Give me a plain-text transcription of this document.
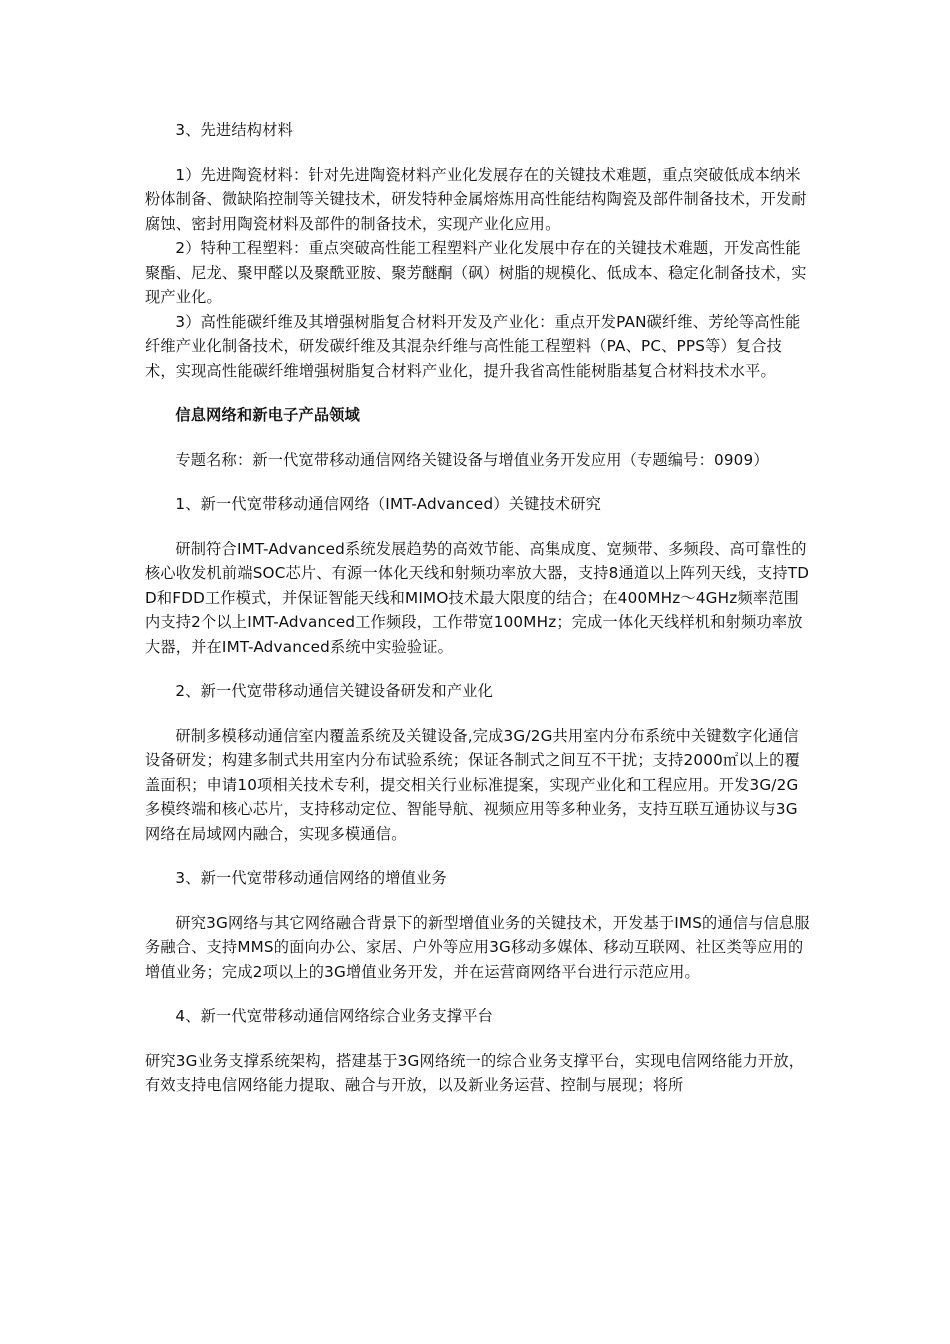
3、先进结构材料

1）先进陶瓷材料：针对先进陶瓷材料产业化发展存在的关键技术难题，重点突破低成本纳米粉体制备、微缺陷控制等关键技术，研发特种金属熔炼用高性能结构陶瓷及部件制备技术，开发耐腐蚀、密封用陶瓷材料及部件的制备技术，实现产业化应用。

2）特种工程塑料：重点突破高性能工程塑料产业化发展中存在的关键技术难题，开发高性能聚酯、尼龙、聚甲醛以及聚酰亚胺、聚芳醚酮（砜）树脂的规模化、低成本、稳定化制备技术，实现产业化。

3）高性能碳纤维及其增强树脂复合材料开发及产业化：重点开发PAN碳纤维、芳纶等高性能纤维产业化制备技术，研发碳纤维及其混杂纤维与高性能工程塑料（PA、PC、PPS等）复合技术，实现高性能碳纤维增强树脂复合材料产业化，提升我省高性能树脂基复合材料技术水平。

信息网络和新电子产品领域

专题名称：新一代宽带移动通信网络关键设备与增值业务开发应用（专题编号：0909）

1、新一代宽带移动通信网络（IMT-Advanced）关键技术研究

研制符合IMT-Advanced系统发展趋势的高效节能、高集成度、宽频带、多频段、高可靠性的核心收发机前端SOC芯片、有源一体化天线和射频功率放大器，支持8通道以上阵列天线，支持TDD和FDD工作模式，并保证智能天线和MIMO技术最大限度的结合；在400MHz～4GHz频率范围内支持2个以上IMT-Advanced工作频段，工作带宽100MHz；完成一体化天线样机和射频功率放大器，并在IMT-Advanced系统中实验验证。

2、新一代宽带移动通信关键设备研发和产业化

研制多模移动通信室内覆盖系统及关键设备,完成3G/2G共用室内分布系统中关键数字化通信设备研发；构建多制式共用室内分布试验系统；保证各制式之间互不干扰；支持2000㎡以上的覆盖面积；申请10项相关技术专利，提交相关行业标准提案，实现产业化和工程应用。开发3G/2G多模终端和核心芯片，支持移动定位、智能导航、视频应用等多种业务，支持互联互通协议与3G网络在局域网内融合，实现多模通信。

3、新一代宽带移动通信网络的增值业务

研究3G网络与其它网络融合背景下的新型增值业务的关键技术，开发基于IMS的通信与信息服务融合、支持MMS的面向办公、家居、户外等应用3G移动多媒体、移动互联网、社区类等应用的增值业务；完成2项以上的3G增值业务开发，并在运营商网络平台进行示范应用。

4、新一代宽带移动通信网络综合业务支撑平台

研究3G业务支撑系统架构，搭建基于3G网络统一的综合业务支撑平台，实现电信网络能力开放，有效支持电信网络能力提取、融合与开放，以及新业务运营、控制与展现；将所
